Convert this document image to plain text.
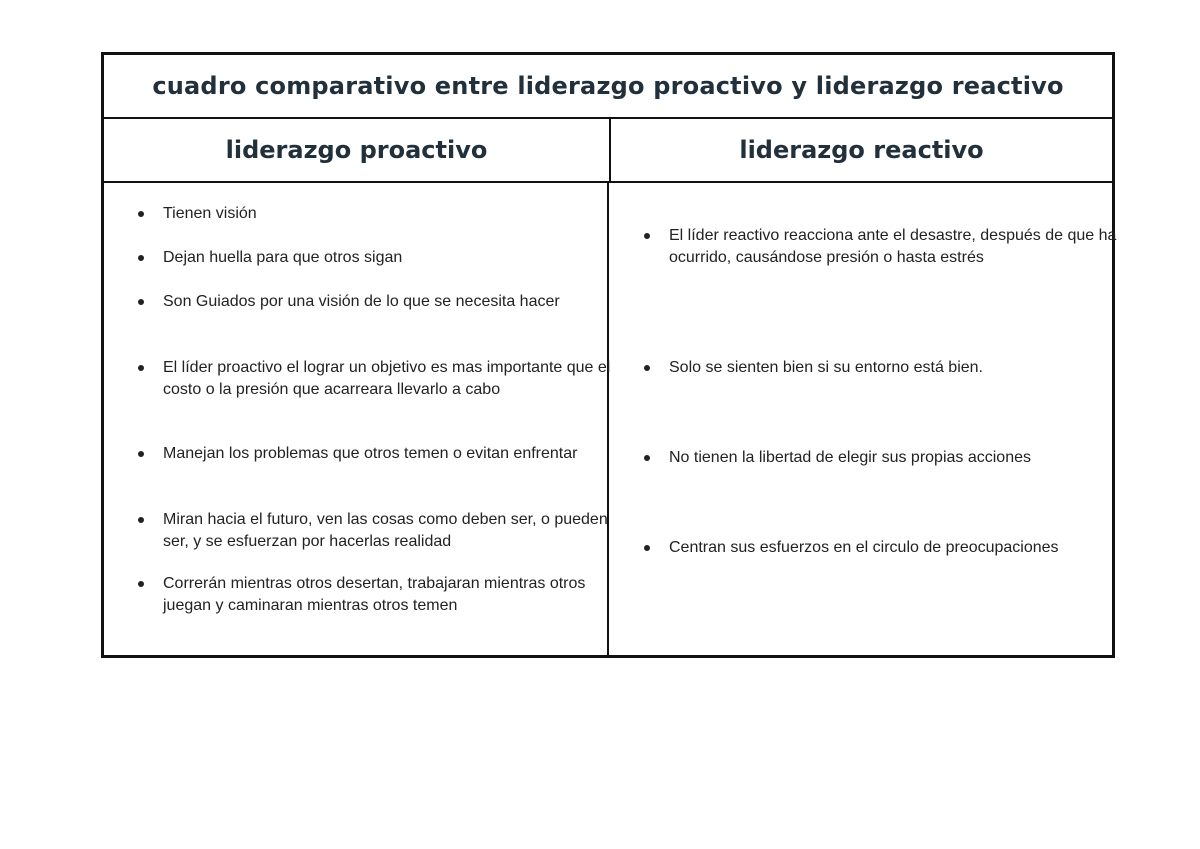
cuadro comparativo entre liderazgo proactivo y liderazgo reactivo
liderazgo proactivo	liderazgo reactivo
Tienen visión
Dejan huella para que otros sigan
Son Guiados por una visión de lo que se necesita hacer
El líder proactivo el lograr un objetivo es mas importante que el costo o la presión que acarreara llevarlo a cabo
Manejan los problemas que otros temen o evitan enfrentar
Miran hacia el futuro, ven las cosas como deben ser, o pueden ser, y se esfuerzan por hacerlas realidad
Correrán mientras otros desertan, trabajaran mientras otros juegan y caminaran mientras otros temen
El líder reactivo reacciona ante el desastre, después de que ha ocurrido, causándose presión o hasta estrés
Solo se sienten bien si su entorno está bien.
No tienen la libertad de elegir sus propias acciones
Centran sus esfuerzos en el circulo de preocupaciones
